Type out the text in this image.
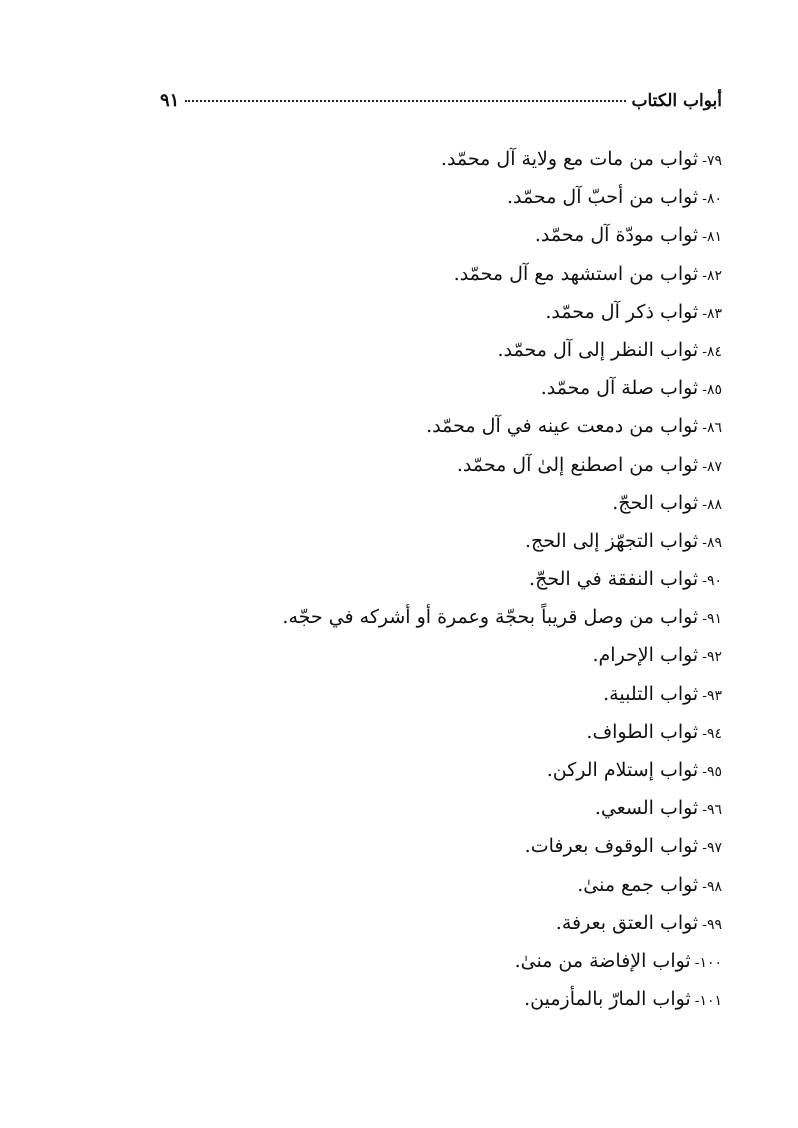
أبواب الكتاب
٩١
٧٩-ثواب من مات مع ولاية آل محمّد.
٨٠-ثواب من أحبّ آل محمّد.
٨١-ثواب مودّة آل محمّد.
٨٢-ثواب من استشهد مع آل محمّد.
٨٣-ثواب ذكر آل محمّد.
٨٤-ثواب النظر إلى آل محمّد.
٨٥-ثواب صلة آل محمّد.
٨٦-ثواب من دمعت عينه في آل محمّد.
٨٧-ثواب من اصطنع إلىٰ آل محمّد.
٨٨-ثواب الحجّ.
٨٩-ثواب التجهّز إلى الحج.
٩٠-ثواب النفقة في الحجّ.
٩١-ثواب من وصل قريباً بحجّة وعمرة أو أشركه في حجّه.
٩٢-ثواب الإحرام.
٩٣-ثواب التلبية.
٩٤-ثواب الطواف.
٩٥-ثواب إستلام الركن.
٩٦-ثواب السعي.
٩٧-ثواب الوقوف بعرفات.
٩٨-ثواب جمع منىٰ.
٩٩-ثواب العتق بعرفة.
١٠٠-ثواب الإفاضة من منىٰ.
١٠١-ثواب المارّ بالمأزمين.
